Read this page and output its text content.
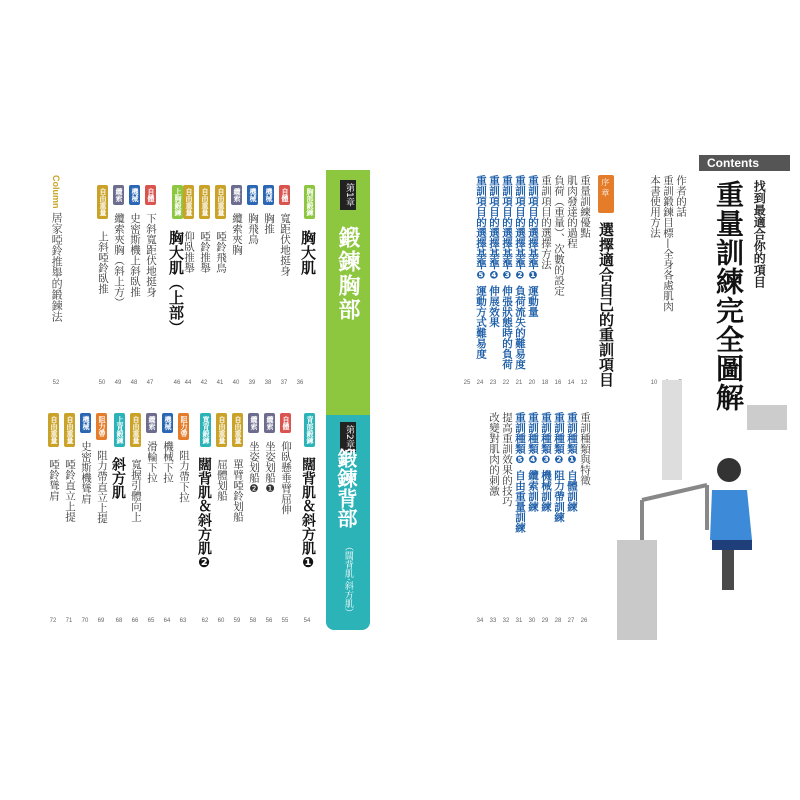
第1章
鍛鍊胸部
胸部鍛鍊
胸大肌
36
自體
寬距伏地挺身
37
機械
胸推
38
機械
胸飛鳥
39
纜索
纜索夾胸
40
自由重量
啞鈴飛鳥
41
自由重量
啞鈴推舉
42
自由重量
仰臥推舉
44
上胸鍛鍊
胸大肌（上部）
46
自體
下斜寬距伏地挺身
47
機械
史密斯機上斜臥推
48
纜索
纜索夾胸（斜上方）
49
自由重量
上斜啞鈴臥推
50
Column
居家啞鈴推舉的鍛鍊法
52
第2章
鍛鍊背部
（闊背肌‧斜方肌）
背部鍛鍊
闊背肌＆斜方肌❶
54
自體
仰臥懸垂臂屈伸
55
纜索
坐姿划船❶
56
纜索
坐姿划船❷
58
自由重量
單臂啞鈴划船
59
自由重量
屈體划船
60
寬背鍛鍊
闊背肌＆斜方肌❷
62
阻力帶
阻力帶下拉
63
機械
機械下拉
64
纜索
滑輪下拉
65
自由重量
寬握引體向上
66
上背鍛鍊
斜方肌
68
阻力帶
阻力帶直立上提
69
機械
史密斯機聳肩
70
自由重量
啞鈴直立上提
71
自由重量
啞鈴聳肩
72
Contents
找到最適合你的項目
重量訓練完全圖解
作者的話
重訓鍛鍊目標—全身各處肌肉
本書使用方法
10
序 章
選擇適合自己的重訓項目
重量訓練優點
12
肌肉發達的過程
14
負荷（重量）、次數的設定
16
重訓項目的選擇方法
18
重訓項目的選擇基準❶ 運動量
20
重訓項目的選擇基準❷ 負荷流失的難易度
21
重訓項目的選擇基準❸ 伸張狀態時的負荷
22
重訓項目的選擇基準❹ 伸展效果
23
重訓項目的選擇基準❺ 運動方式難易度
24
25
重訓種類與特徵
26
重訓種類❶ 自體訓練
27
重訓種類❷ 阻力帶訓練
28
重訓種類❸ 機械訓練
29
重訓種類❹ 纜索訓練
30
重訓種類❺ 自由重量訓練
31
提高重訓效果的技巧
32
改變對肌肉的刺激
33
34
